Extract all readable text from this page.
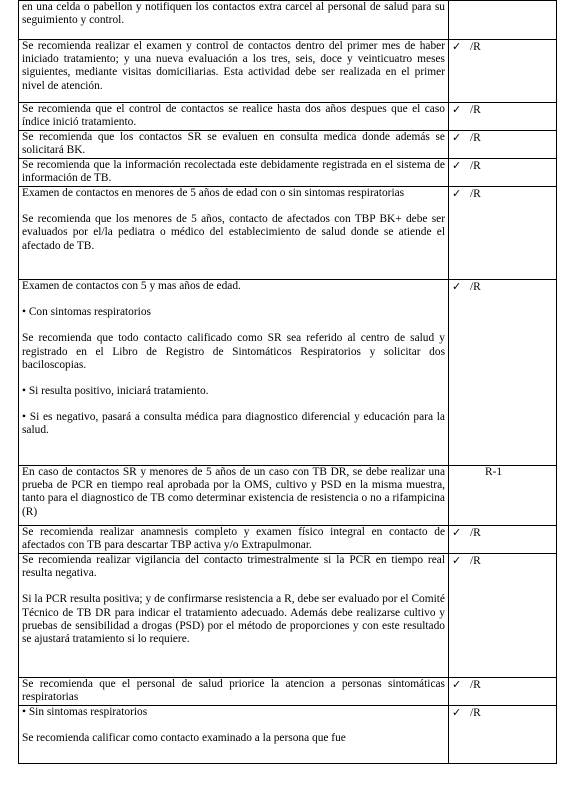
en una celda o pabellon y notifiquen los contactos extra carcel al personal de salud para su seguimiento y control.	

Se recomienda realizar el examen y control de contactos dentro del primer mes de haber iniciado tratamiento; y una nueva evaluación a los tres, seis, doce y veinticuatro meses siguientes, mediante visitas domiciliarias. Esta actividad debe ser realizada en el primer nivel de atención.	✓ /R

Se recomienda que el control de contactos se realice hasta dos años despues que el caso índice inició tratamiento.	✓ /R

Se recomienda que los contactos SR se evaluen en consulta medica donde además se solicitará BK.	✓ /R

Se recomienda que la información recolectada este debidamente registrada en el sistema de información de TB.	✓ /R

Examen de contactos en menores de 5 años de edad con o sin sintomas respiratorias
Se recomienda que los menores de 5 años, contacto de afectados con TBP BK+ debe ser evaluados por el/la pediatra o médico del establecimiento de salud donde se atiende el afectado de TB.	✓ /R

Examen de contactos con 5 y mas años de edad.
• Con sintomas respiratorios
Se recomienda que todo contacto calificado como SR sea referido al centro de salud y registrado en el Libro de Registro de Sintomáticos Respiratorios y solicitar dos baciloscopias.
• Si resulta positivo, iniciará tratamiento.
• Si es negativo, pasará a consulta médica para diagnostico diferencial y educación para la salud.	✓ /R

En caso de contactos SR y menores de 5 años de un caso con TB DR, se debe realizar una prueba de PCR en tiempo real aprobada por la OMS, cultivo y PSD en la misma muestra, tanto para el diagnostico de TB como determinar existencia de resistencia o no a rifampicina (R)	R-1

Se recomienda realizar anamnesis completo y examen físico integral en contacto de afectados con TB para descartar TBP activa y/o Extrapulmonar.	✓ /R

Se recomienda realizar vigilancia del contacto trimestralmente si la PCR en tiempo real resulta negativa.
Si la PCR resulta positiva; y de confirmarse resistencia a R, debe ser evaluado por el Comité Técnico de TB DR para indicar el tratamiento adecuado. Además debe realizarse cultivo y pruebas de sensibilidad a drogas (PSD) por el método de proporciones y con este resultado se ajustará tratamiento si lo requiere.	✓ /R

Se recomienda que el personal de salud priorice la atencion a personas sintomáticas respiratorias	✓ /R

• Sin sintomas respiratorios
Se recomienda calificar como contacto examinado a la persona que fue	✓ /R
